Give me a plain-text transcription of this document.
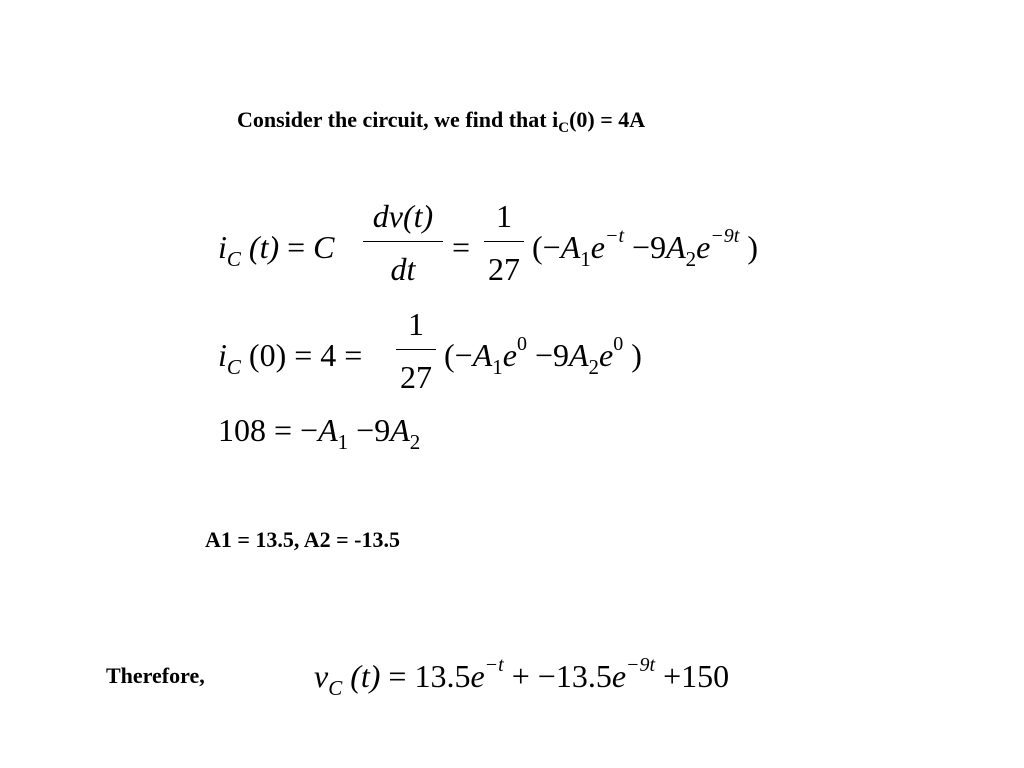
Consider the circuit, we find that $i_C(0) = 4A$
$i_C$ (t) = C
dv(t)
dt
=
1
27
($-A_1e^{-t} -9A_2e^{-9t}$ )
$i_C$ (0) = 4 =
1
27
($-A_1e^0 -9A_2e^0$ )
$108 = -A_1 -9A_2$
A1 = 13.5, A2 = -13.5
Therefore,	$v_C$ $(t) = 13.5e^{-t} + -13.5e^{-9t} +150$
